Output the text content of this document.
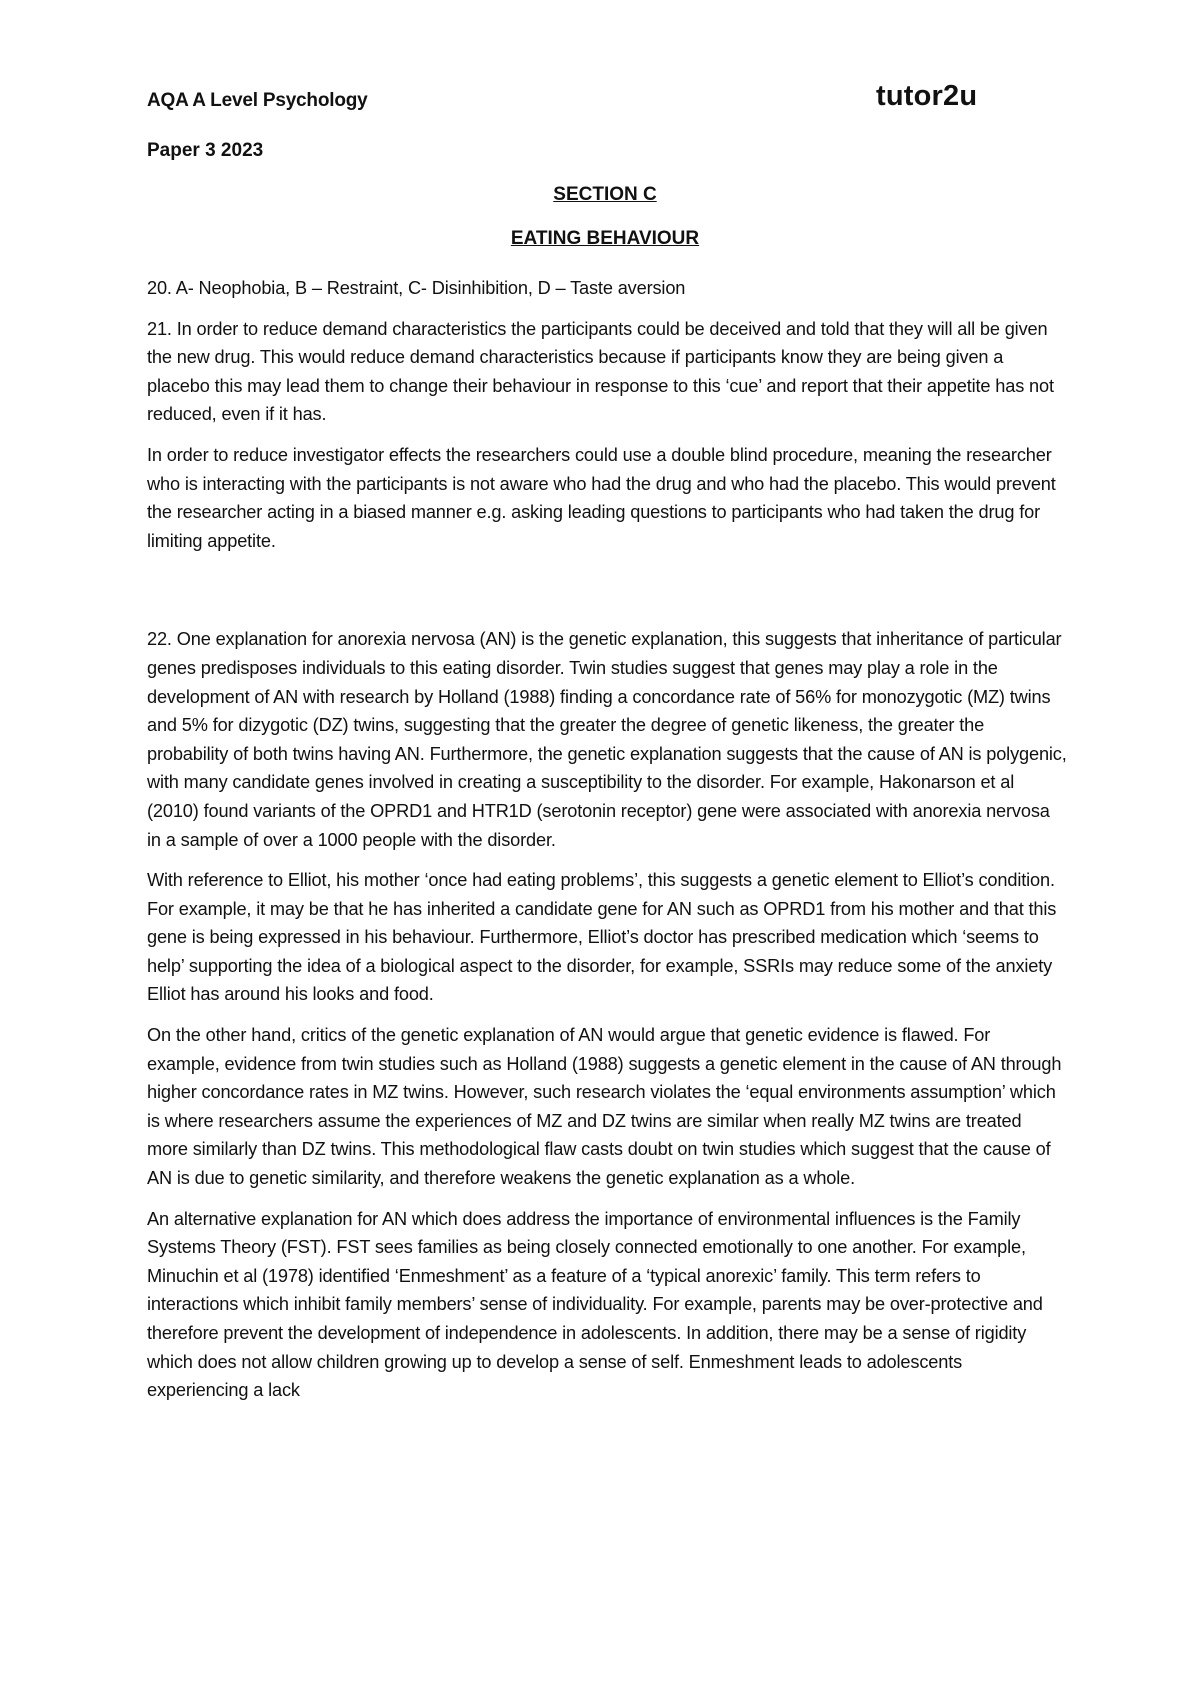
AQA A Level Psychology	tutor2u
Paper 3 2023
SECTION C
EATING BEHAVIOUR

20. A- Neophobia, B – Restraint, C- Disinhibition, D – Taste aversion

21. In order to reduce demand characteristics the participants could be deceived and told that they will all be given the new drug. This would reduce demand characteristics because if participants know they are being given a placebo this may lead them to change their behaviour in response to this ‘cue’ and report that their appetite has not reduced, even if it has.

In order to reduce investigator effects the researchers could use a double blind procedure, meaning the researcher who is interacting with the participants is not aware who had the drug and who had the placebo. This would prevent the researcher acting in a biased manner e.g. asking leading questions to participants who had taken the drug for limiting appetite.

22. One explanation for anorexia nervosa (AN) is the genetic explanation, this suggests that inheritance of particular genes predisposes individuals to this eating disorder. Twin studies suggest that genes may play a role in the development of AN with research by Holland (1988) finding a concordance rate of 56% for monozygotic (MZ) twins and 5% for dizygotic (DZ) twins, suggesting that the greater the degree of genetic likeness, the greater the probability of both twins having AN. Furthermore, the genetic explanation suggests that the cause of AN is polygenic, with many candidate genes involved in creating a susceptibility to the disorder. For example, Hakonarson et al (2010) found variants of the OPRD1 and HTR1D (serotonin receptor) gene were associated with anorexia nervosa in a sample of over a 1000 people with the disorder.

With reference to Elliot, his mother ‘once had eating problems’, this suggests a genetic element to Elliot’s condition. For example, it may be that he has inherited a candidate gene for AN such as OPRD1 from his mother and that this gene is being expressed in his behaviour. Furthermore, Elliot’s doctor has prescribed medication which ‘seems to help’ supporting the idea of a biological aspect to the disorder, for example, SSRIs may reduce some of the anxiety Elliot has around his looks and food.

On the other hand, critics of the genetic explanation of AN would argue that genetic evidence is flawed. For example, evidence from twin studies such as Holland (1988) suggests a genetic element in the cause of AN through higher concordance rates in MZ twins. However, such research violates the ‘equal environments assumption’ which is where researchers assume the experiences of MZ and DZ twins are similar when really MZ twins are treated more similarly than DZ twins. This methodological flaw casts doubt on twin studies which suggest that the cause of AN is due to genetic similarity, and therefore weakens the genetic explanation as a whole.

An alternative explanation for AN which does address the importance of environmental influences is the Family Systems Theory (FST). FST sees families as being closely connected emotionally to one another. For example, Minuchin et al (1978) identified ‘Enmeshment’ as a feature of a ‘typical anorexic’ family. This term refers to interactions which inhibit family members’ sense of individuality. For example, parents may be over-protective and therefore prevent the development of independence in adolescents. In addition, there may be a sense of rigidity which does not allow children growing up to develop a sense of self. Enmeshment leads to adolescents experiencing a lack
